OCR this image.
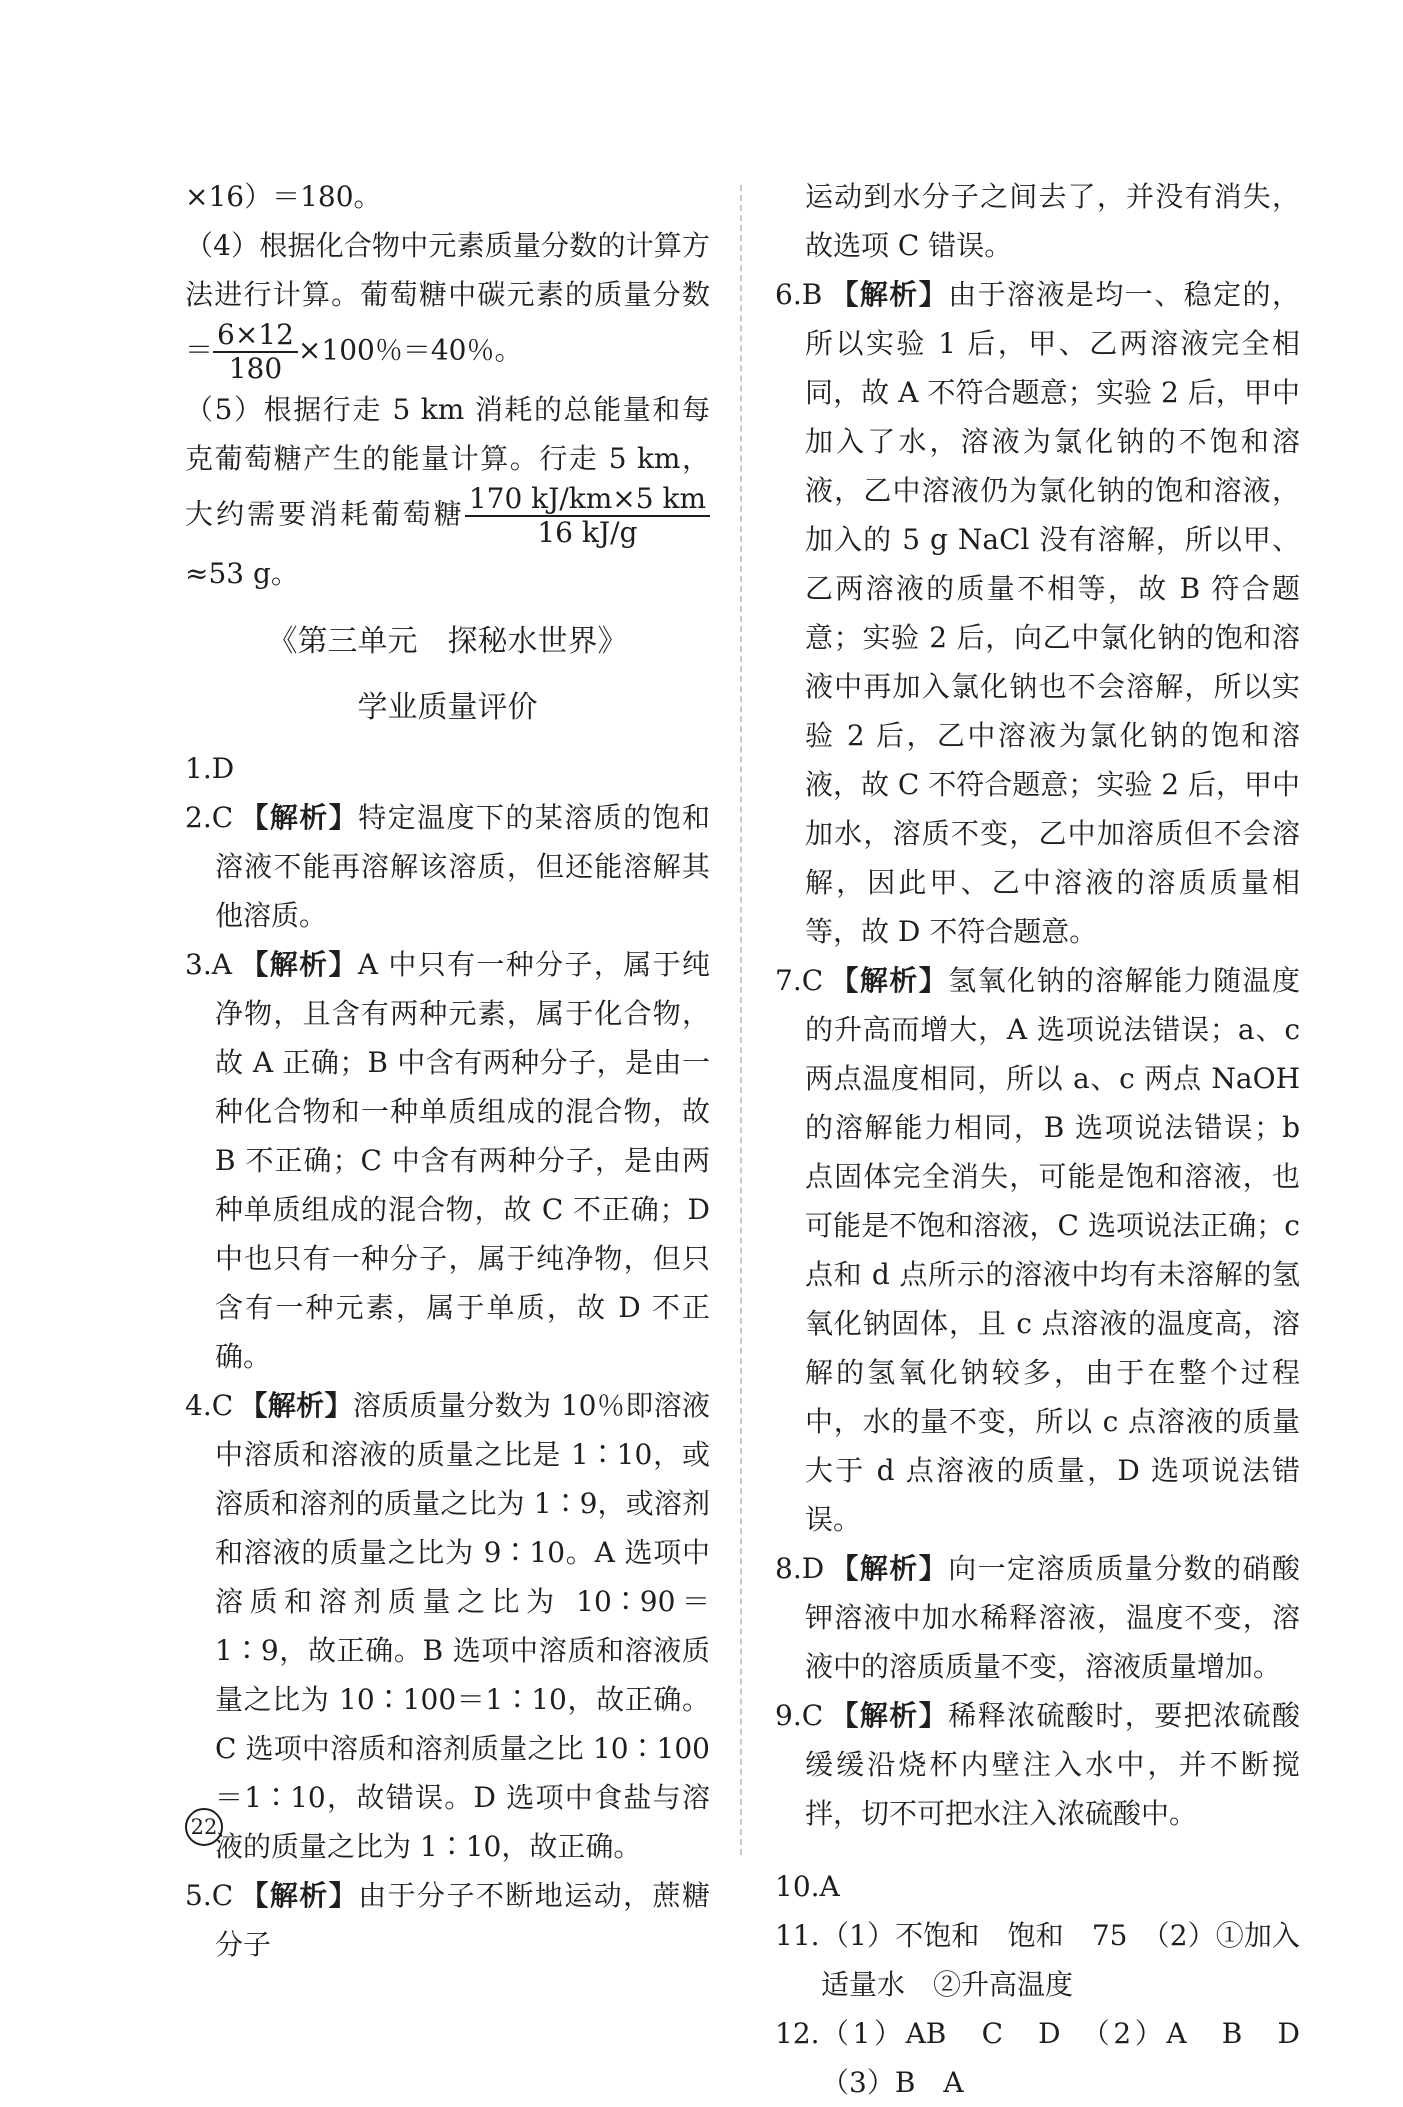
×16）＝180。

（4）根据化合物中元素质量分数的计算方法进行计算。葡萄糖中碳元素的质量分数＝ $\frac{6\times 12}{180} \times 100$％＝40％。

（5）根据行走 5 km 消耗的总能量和每克葡萄糖产生的能量计算。行走 5 km，大约需要消耗葡萄糖 $\frac{170 kJ/km\times 5 km}{16 kJ/g}$
≈53 g。

《第三单元　探秘水世界》
学业质量评价

1.D

2.C 【解析】特定温度下的某溶质的饱和溶液不能再溶解该溶质，但还能溶解其他溶质。

3.A 【解析】A 中只有一种分子，属于纯净物，且含有两种元素，属于化合物，故 A 正确；B 中含有两种分子，是由一种化合物和一种单质组成的混合物，故 B 不正确；C 中含有两种分子，是由两种单质组成的混合物，故 C 不正确；D 中也只有一种分子，属于纯净物，但只含有一种元素，属于单质，故 D 不正确。

4.C 【解析】溶质质量分数为 10％即溶液中溶质和溶液的质量之比是 1∶10，或溶质和溶剂的质量之比为 1∶9，或溶剂和溶液的质量之比为 9∶10。A 选项中溶质和溶剂质量之比为 10∶90＝1∶9，故正确。B 选项中溶质和溶液质量之比为 10∶100＝1∶10，故正确。C 选项中溶质和溶剂质量之比 10∶100＝1∶10，故错误。D 选项中食盐与溶液的质量之比为 1∶10，故正确。

5.C 【解析】由于分子不断地运动，蔗糖分子

运动到水分子之间去了，并没有消失，故选项 C 错误。

6.B 【解析】由于溶液是均一、稳定的，所以实验 1 后，甲、乙两溶液完全相同，故 A 不符合题意；实验 2 后，甲中加入了水，溶液为氯化钠的不饱和溶液，乙中溶液仍为氯化钠的饱和溶液，加入的 5 g NaCl 没有溶解，所以甲、乙两溶液的质量不相等，故 B 符合题意；实验 2 后，向乙中氯化钠的饱和溶液中再加入氯化钠也不会溶解，所以实验 2 后，乙中溶液为氯化钠的饱和溶液，故 C 不符合题意；实验 2 后，甲中加水，溶质不变，乙中加溶质但不会溶解，因此甲、乙中溶液的溶质质量相等，故 D 不符合题意。

7.C 【解析】氢氧化钠的溶解能力随温度的升高而增大，A 选项说法错误；a、c 两点温度相同，所以 a、c 两点 NaOH 的溶解能力相同，B 选项说法错误；b 点固体完全消失，可能是饱和溶液，也可能是不饱和溶液，C 选项说法正确；c 点和 d 点所示的溶液中均有未溶解的氢氧化钠固体，且 c 点溶液的温度高，溶解的氢氧化钠较多，由于在整个过程中，水的量不变，所以 c 点溶液的质量大于 d 点溶液的质量，D 选项说法错误。

8.D 【解析】向一定溶质质量分数的硝酸钾溶液中加水稀释溶液，温度不变，溶液中的溶质质量不变，溶液质量增加。

9.C 【解析】稀释浓硫酸时，要把浓硫酸缓缓沿烧杯内壁注入水中，并不断搅拌，切不可把水注入浓硫酸中。

10.A

11. （1）不饱和　饱和　75　（2）①加入适量水　②升高温度

12. （1）AB　C　D　（2）A　B　D　（3）B　A

22
